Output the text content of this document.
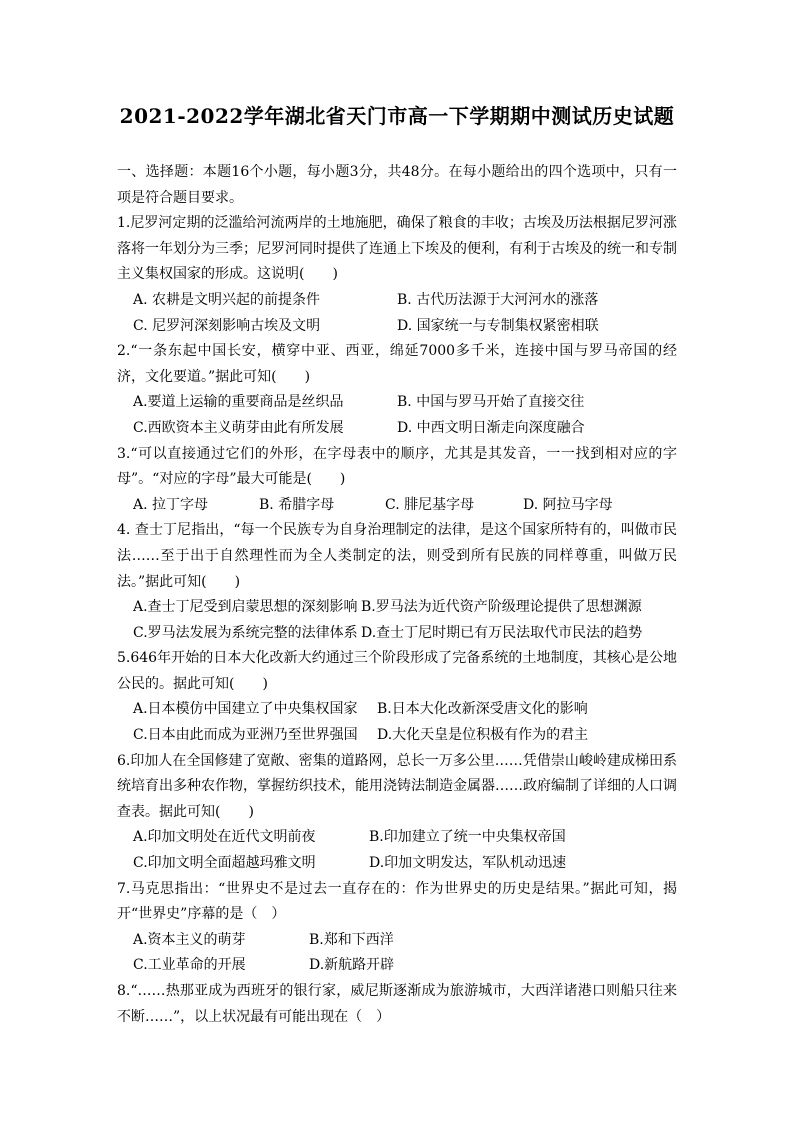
2021-2022学年湖北省天门市高一下学期期中测试历史试题

一、选择题：本题16个小题，每小题3分，共48分。在每小题给出的四个选项中，只有一项是符合题目要求。

1.尼罗河定期的泛滥给河流两岸的土地施肥，确保了粮食的丰收；古埃及历法根据尼罗河涨落将一年划分为三季；尼罗河同时提供了连通上下埃及的便利，有利于古埃及的统一和专制主义集权国家的形成。这说明(　　)

A. 农耕是文明兴起的前提条件	B. 古代历法源于大河河水的涨落
C. 尼罗河深刻影响古埃及文明	D. 国家统一与专制集权紧密相联

2.“一条东起中国长安，横穿中亚、西亚，绵延7000多千米，连接中国与罗马帝国的经济，文化要道。”据此可知(　　)

A.要道上运输的重要商品是丝织品	B. 中国与罗马开始了直接交往
C.西欧资本主义萌芽由此有所发展	D. 中西文明日渐走向深度融合

3.“可以直接通过它们的外形，在字母表中的顺序，尤其是其发音，一一找到相对应的字母”。“对应的字母”最大可能是(　　)

A. 拉丁字母	B. 希腊字母	C. 腓尼基字母	D. 阿拉马字母

4. 查士丁尼指出，“每一个民族专为自身治理制定的法律，是这个国家所特有的，叫做市民法……至于出于自然理性而为全人类制定的法，则受到所有民族的同样尊重，叫做万民法。”据此可知(　　)

A.查士丁尼受到启蒙思想的深刻影响 B.罗马法为近代资产阶级理论提供了思想渊源
C.罗马法发展为系统完整的法律体系 D.查士丁尼时期已有万民法取代市民法的趋势

5.646年开始的日本大化改新大约通过三个阶段形成了完备系统的土地制度，其核心是公地公民的。据此可知(　　)

A.日本模仿中国建立了中央集权国家 B.日本大化改新深受唐文化的影响
C.日本由此而成为亚洲乃至世界强国 D.大化天皇是位积极有作为的君主

6.印加人在全国修建了宽敞、密集的道路网，总长一万多公里……凭借崇山峻岭建成梯田系统培育出多种农作物，掌握纺织技术，能用浇铸法制造金属器……政府编制了详细的人口调查表。据此可知(　　)

A.印加文明处在近代文明前夜	B.印加建立了统一中央集权帝国
C.印加文明全面超越玛雅文明	D.印加文明发达，军队机动迅速

7.马克思指出：“世界史不是过去一直存在的：作为世界史的历史是结果。”据此可知，揭开“世界史”序幕的是（　）

A.资本主义的萌芽	B.郑和下西洋
C.工业革命的开展	D.新航路开辟

8.“……热那亚成为西班牙的银行家，威尼斯逐渐成为旅游城市，大西洋诸港口则船只往来不断……”，以上状况最有可能出现在（　）
